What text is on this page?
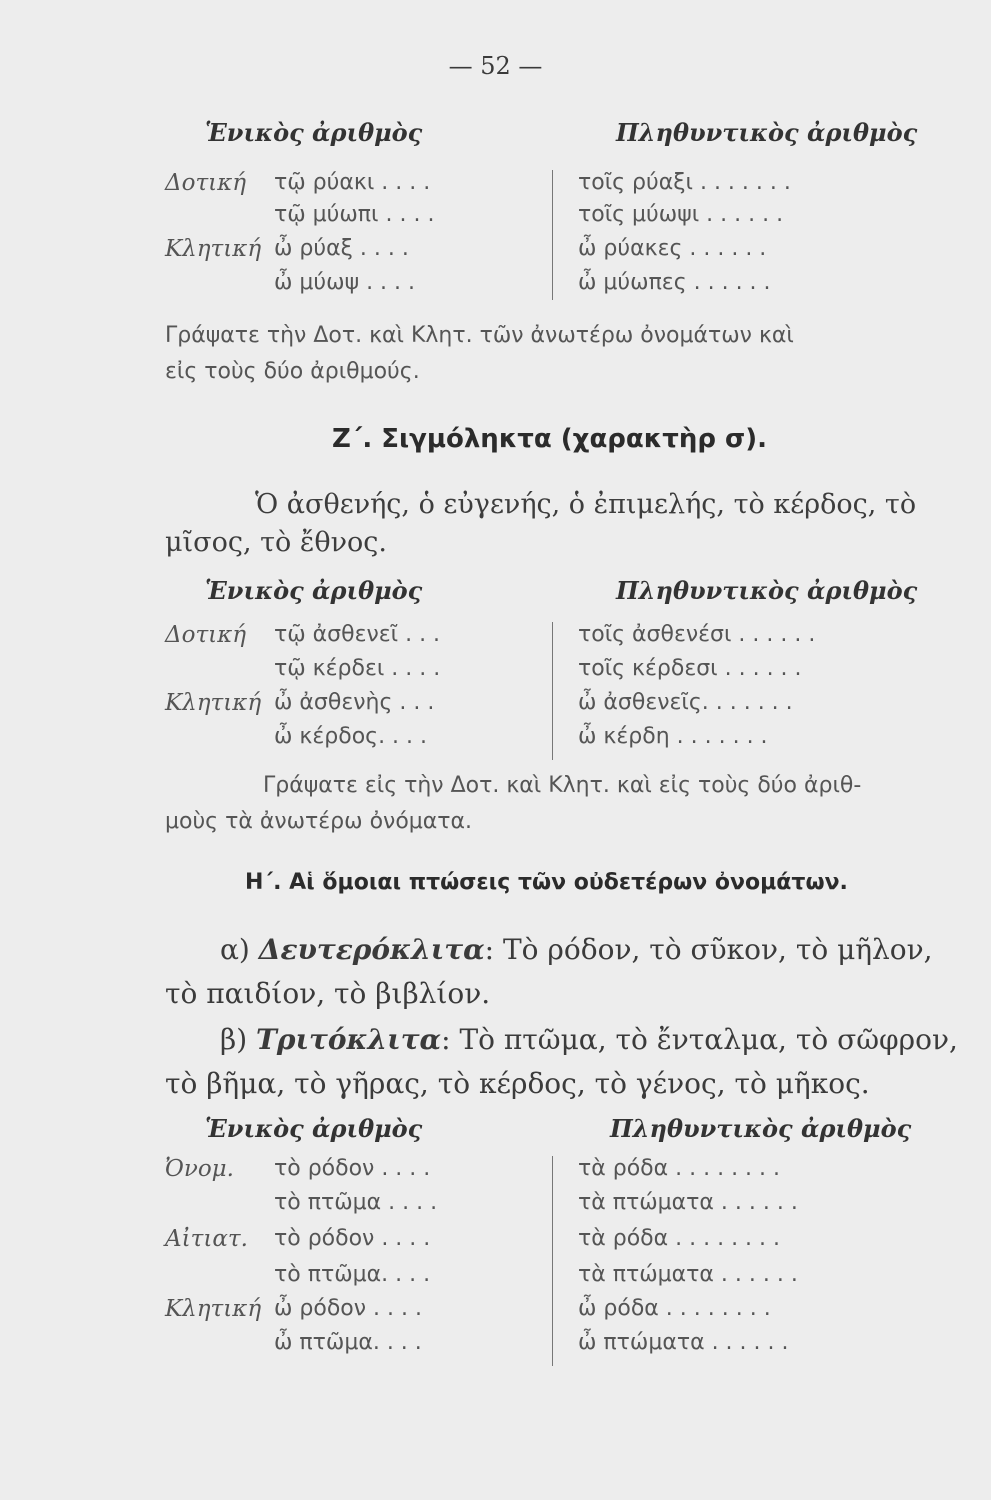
— 52 —
Ἑνικὸς ἀριθμὸς	Πληθυντικὸς ἀριθμὸς
Δοτική τῷ ρύακι . . . .	τοῖς ρύαξι . . . . . . .
τῷ μύωπι . . . .	τοῖς μύωψι . . . . . .
Κλητική ὦ ρύαξ . . . .	ὦ ρύακες . . . . . .
ὦ μύωψ . . . .	ὦ μύωπες . . . . . .
Γράψατε τὴν Δοτ. καὶ Κλητ. τῶν ἀνωτέρω ὀνομάτων καὶ
εἰς τοὺς δύο ἀριθμούς.
Ζ΄. Σιγμόληκτα (χαρακτὴρ σ).
Ὁ ἀσθενής, ὁ εὐγενής, ὁ ἐπιμελής, τὸ κέρδος, τὸ
μῖσος, τὸ ἔθνος.
Ἑνικὸς ἀριθμὸς	Πληθυντικὸς ἀριθμὸς
Δοτική τῷ ἀσθενεῖ . . .	τοῖς ἀσθενέσι . . . . . .
τῷ κέρδει . . . .	τοῖς κέρδεσι . . . . . .
Κλητική ὦ ἀσθενὴς . . .	ὦ ἀσθενεῖς. . . . . . .
ὦ κέρδος. . . .	ὦ κέρδη . . . . . . .
Γράψατε εἰς τὴν Δοτ. καὶ Κλητ. καὶ εἰς τοὺς δύο ἀριθ-
μοὺς τὰ ἀνωτέρω ὀνόματα.
Η΄. Αἱ ὅμοιαι πτώσεις τῶν οὐδετέρων ὀνομάτων.
α) Δευτερόκλιτα: Τὸ ρόδον, τὸ σῦκον, τὸ μῆλον,
τὸ παιδίον, τὸ βιβλίον.
β) Τριτόκλιτα: Τὸ πτῶμα, τὸ ἔνταλμα, τὸ σῶφρον,
τὸ βῆμα, τὸ γῆρας, τὸ κέρδος, τὸ γένος, τὸ μῆκος.
Ἑνικὸς ἀριθμὸς	Πληθυντικὸς ἀριθμὸς
Ὀνομ. τὸ ρόδον . . . .	τὰ ρόδα . . . . . . . .
τὸ πτῶμα . . . .	τὰ πτώματα . . . . . .
Αἰτιατ. τὸ ρόδον . . . .	τὰ ρόδα . . . . . . . .
τὸ πτῶμα. . . .	τὰ πτώματα . . . . . .
Κλητική ὦ ρόδον . . . .	ὦ ρόδα . . . . . . . .
ὦ πτῶμα. . . .	ὦ πτώματα . . . . . .
